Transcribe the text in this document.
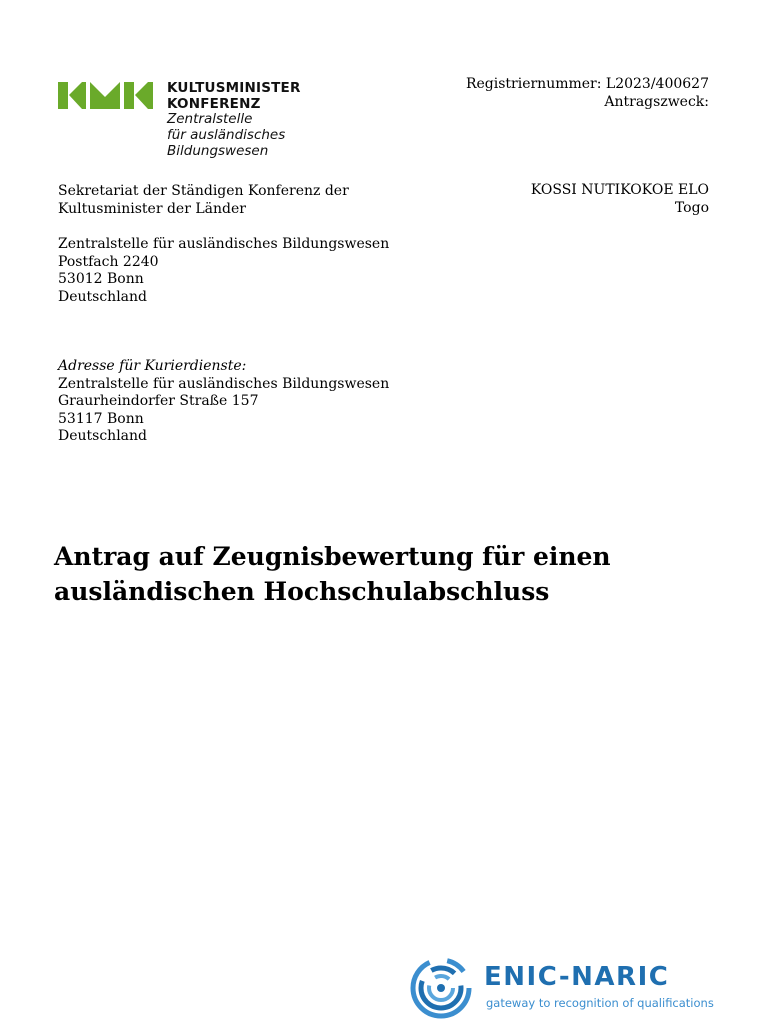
KULTUSMINISTER
KONFERENZ
Zentralstelle
für ausländisches
Bildungswesen
Registriernummer: L2023/400627
Antragszweck:
Sekretariat der Ständigen Konferenz der
Kultusminister der Länder
KOSSI NUTIKOKOE ELO
Togo
Zentralstelle für ausländisches Bildungswesen
Postfach 2240
53012 Bonn
Deutschland
Adresse für Kurierdienste:
Zentralstelle für ausländisches Bildungswesen
Graurheindorfer Straße 157
53117 Bonn
Deutschland
Antrag auf Zeugnisbewertung für einen
ausländischen Hochschulabschluss
ENIC-NARIC
gateway to recognition of qualifications
